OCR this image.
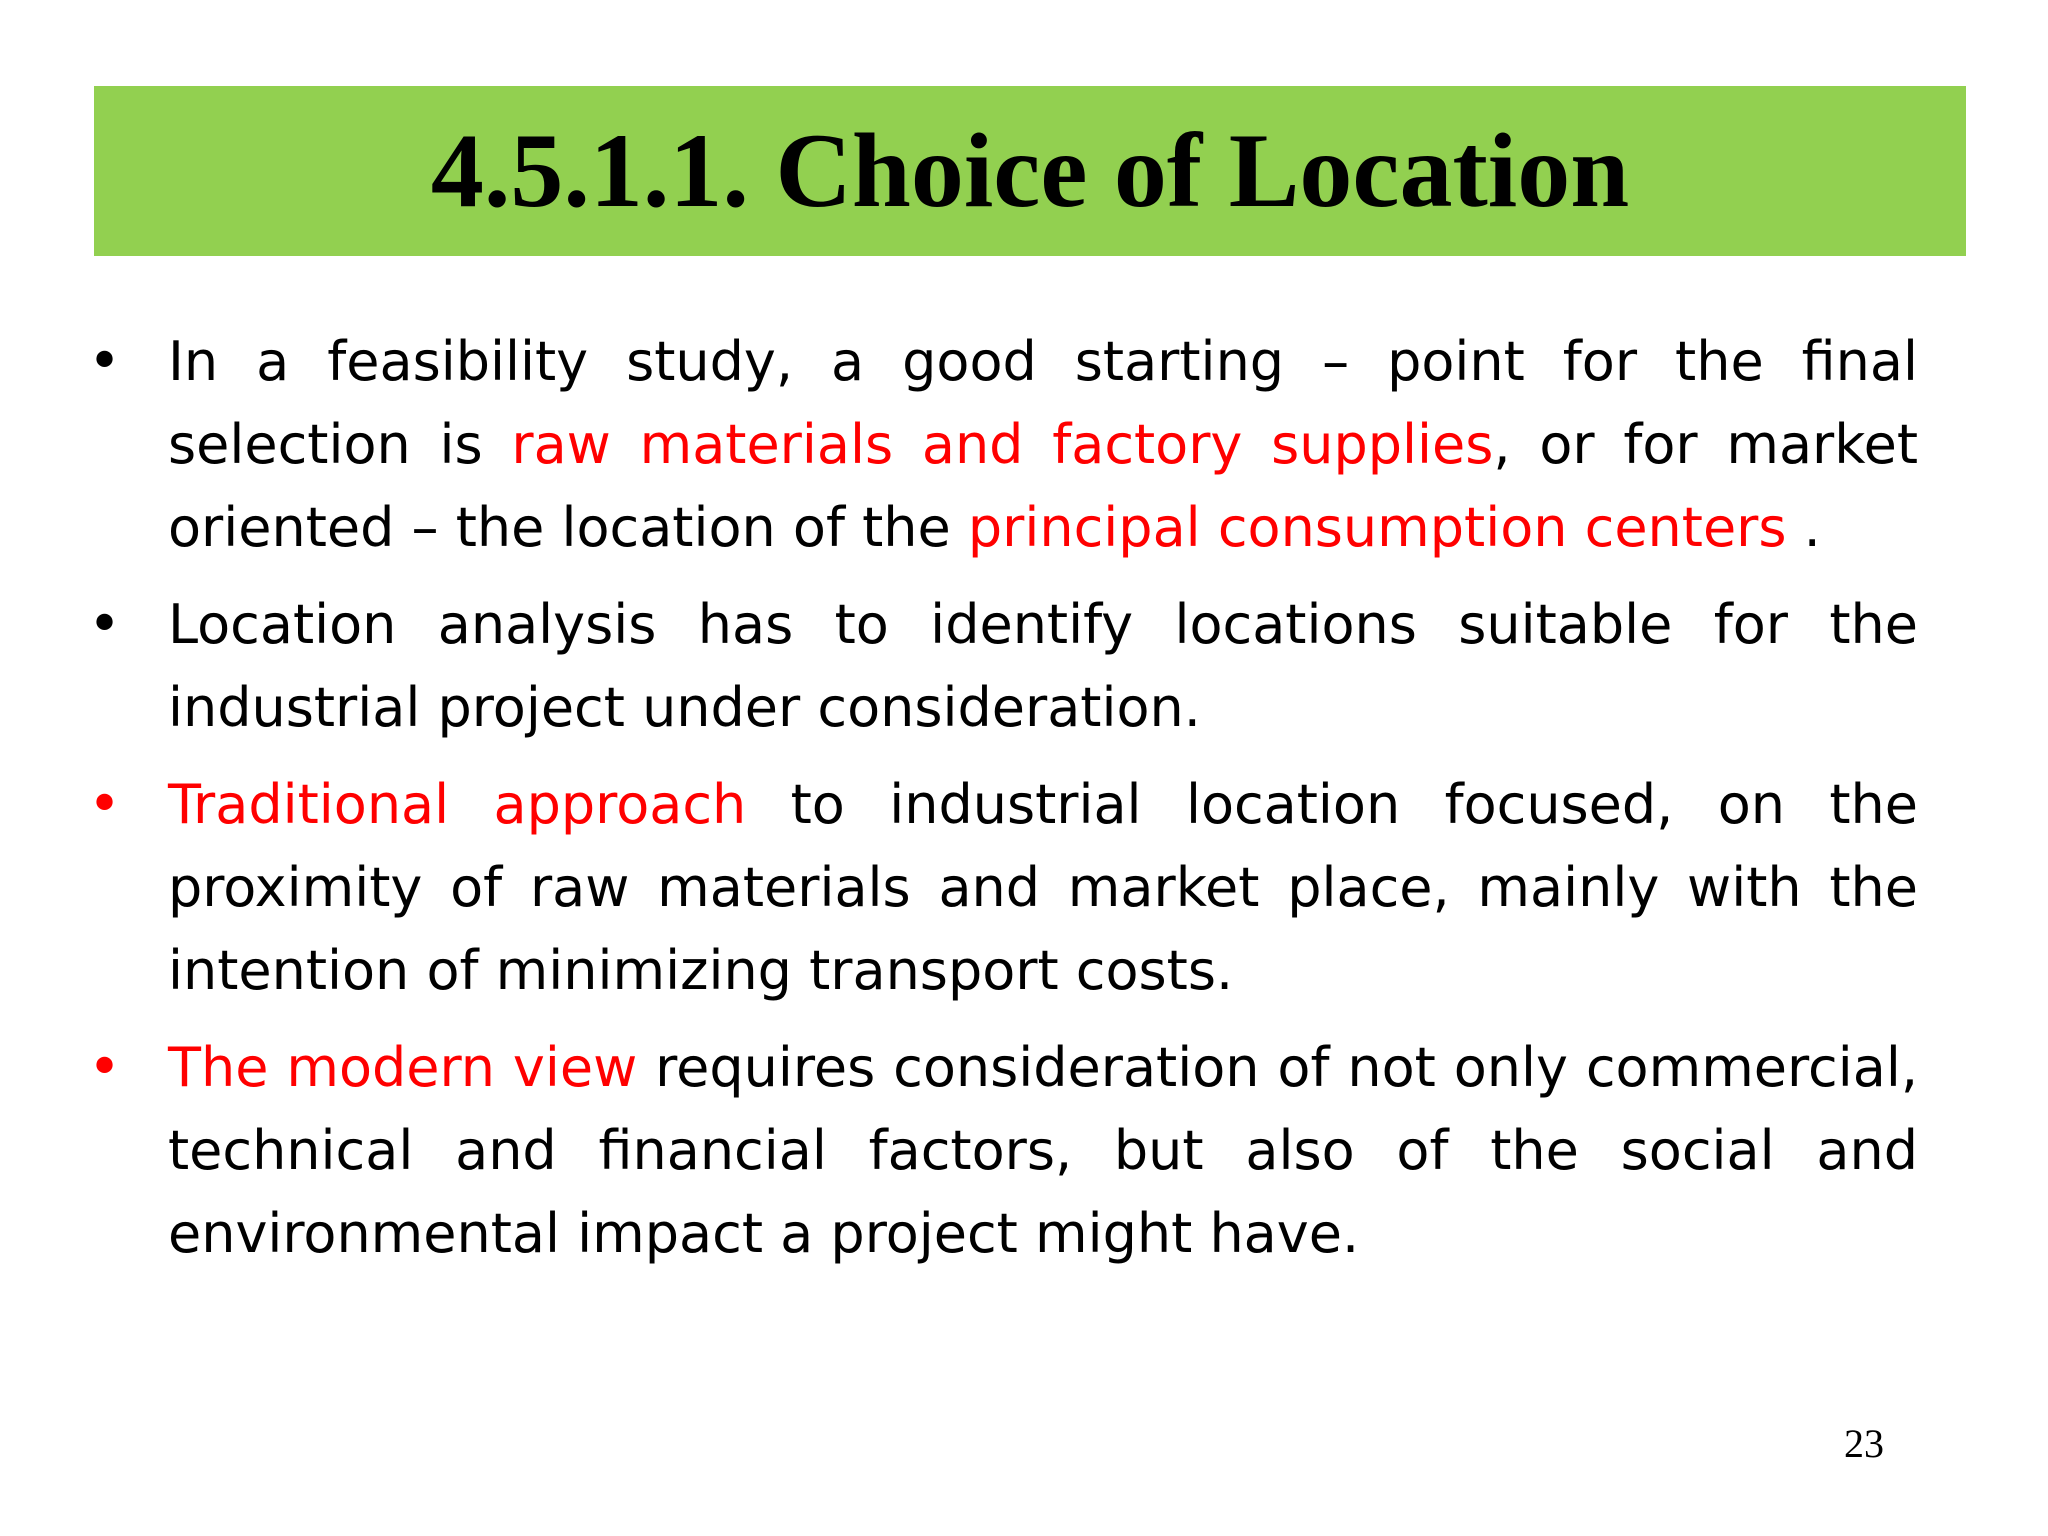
4.5.1.1. Choice of Location
• In a feasibility study, a good starting – point for the final selection is raw materials and factory supplies, or for market oriented – the location of the principal consumption centers .
• Location analysis has to identify locations suitable for the industrial project under consideration.
• Traditional approach to industrial location focused, on the proximity of raw materials and market place, mainly with the intention of minimizing transport costs.
• The modern view requires consideration of not only commercial, technical and financial factors, but also of the social and environmental impact a project might have.
23
